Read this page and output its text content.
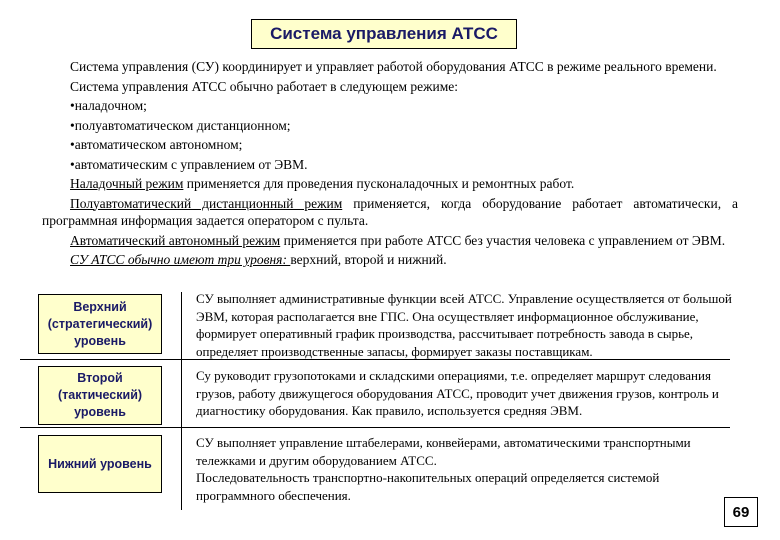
Система управления АТСС

Система управления (СУ) координирует и управляет работой оборудования АТСС в режиме реального времени.

Система управления АТСС обычно работает в следующем режиме:

•наладочном;

•полуавтоматическом дистанционном;

•автоматическом автономном;

•автоматическим с управлением от ЭВМ.

Наладочный режим применяется для проведения пусконаладочных и ремонтных работ.

Полуавтоматический дистанционный режим применяется, когда оборудование работает автоматически, а программная информация задается оператором с пульта.

Автоматический автономный режим применяется при работе АТСС без участия человека с управлением от ЭВМ.

СУ АТСС обычно имеют три уровня: верхний, второй и нижний.

Верхний (стратегический) уровень
СУ выполняет административные функции всей АТСС. Управление осуществляется от большой ЭВМ, которая располагается вне ГПС. Она осуществляет информационное обслуживание, формирует оперативный график производства, рассчитывает потребность завода в сырье, определяет производственные запасы, формирует заказы поставщикам.
Второй (тактический) уровень
Су руководит грузопотоками и складскими операциями, т.е. определяет маршрут следования грузов, работу движущегося оборудования АТСС, проводит учет движения грузов, контроль и диагностику оборудования. Как правило, используется средняя ЭВМ.
Нижний уровень
СУ выполняет управление штабелерами, конвейерами, автоматическими транспортными тележками и другим оборудованием АТСС.
Последовательность транспортно-накопительных операций определяется системой программного обеспечения.
69
